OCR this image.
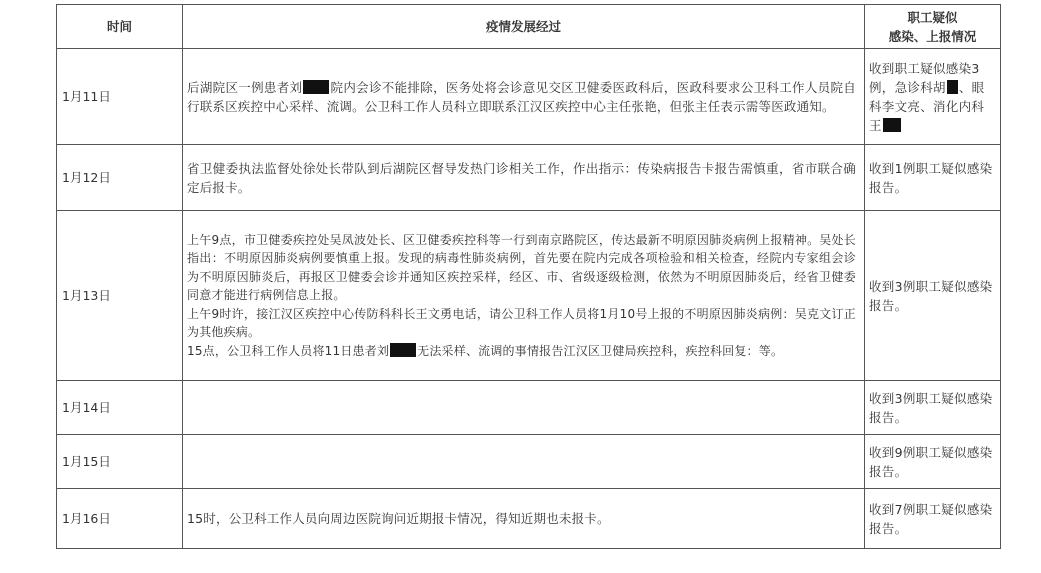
时间	疫情发展经过	职工疑似
感染、上报情况

1月11日	后湖院区一例患者刘 院内会诊不能排除，医务处将会诊意见交区卫健委医政科后，医政科要求公卫科工作人员院自行联系区疾控中心采样、流调。公卫科工作人员科立即联系江汉区疾控中心主任张艳，但张主任表示需等医政通知。	收到职工疑似感染3例，急诊科胡 、眼科李文亮、消化内科王
1月12日	省卫健委执法监督处徐处长带队到后湖院区督导发热门诊相关工作，作出指示：传染病报告卡报告需慎重，省市联合确定后报卡。	收到1例职工疑似感染报告。
1月13日	上午9点，市卫健委疾控处吴凤波处长、区卫健委疾控科等一行到南京路院区，传达最新不明原因肺炎病例上报精神。吴处长指出：不明原因肺炎病例要慎重上报。发现的病毒性肺炎病例，首先要在院内完成各项检验和相关检查，经院内专家组会诊为不明原因肺炎后，再报区卫健委会诊并通知区疾控采样，经区、市、省级逐级检测，依然为不明原因肺炎后，经省卫健委同意才能进行病例信息上报。
上午9时许，接江汉区疾控中心传防科科长王文勇电话，请公卫科工作人员将1月10号上报的不明原因肺炎病例：吴克文订正为其他疾病。
15点，公卫科工作人员将11日患者刘 无法采样、流调的事情报告江汉区卫健局疾控科，疾控科回复：等。	收到3例职工疑似感染报告。
1月14日		收到3例职工疑似感染报告。
1月15日		收到9例职工疑似感染报告。
1月16日	15时，公卫科工作人员向周边医院询问近期报卡情况，得知近期也未报卡。	收到7例职工疑似感染报告。
